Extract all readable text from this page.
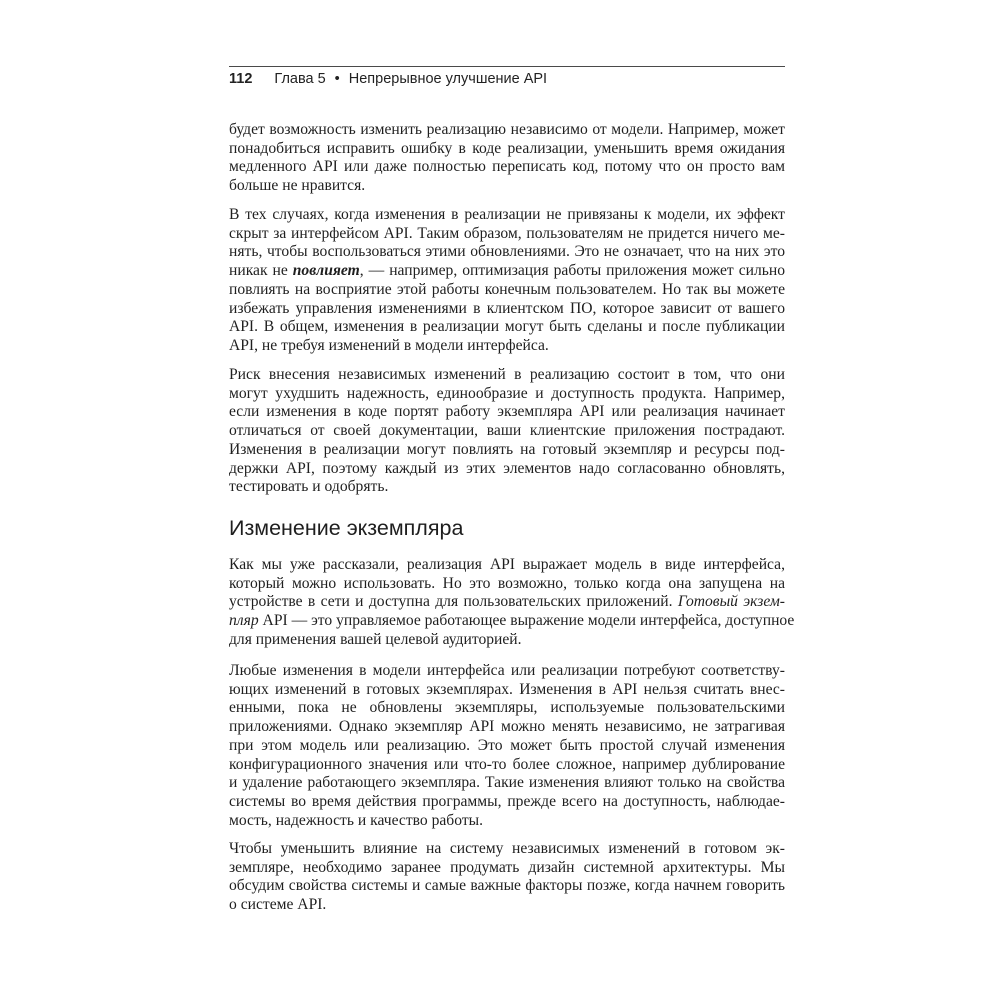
112 Глава 5 • Непрерывное улучшение API

будет возможность изменить реализацию независимо от модели. Например, может
понадобиться исправить ошибку в коде реализации, уменьшить время ожидания
медленного API или даже полностью переписать код, потому что он просто вам
больше не нравится.

В тех случаях, когда изменения в реализации не привязаны к модели, их эффект
скрыт за интерфейсом API. Таким образом, пользователям не придется ничего ме-
нять, чтобы воспользоваться этими обновлениями. Это не означает, что на них это
никак не повлияет, — например, оптимизация работы приложения может сильно
повлиять на восприятие этой работы конечным пользователем. Но так вы можете
избежать управления изменениями в клиентском ПО, которое зависит от вашего
API. В общем, изменения в реализации могут быть сделаны и после публикации
API, не требуя изменений в модели интерфейса.

Риск внесения независимых изменений в реализацию состоит в том, что они
могут ухудшить надежность, единообразие и доступность продукта. Например,
если изменения в коде портят работу экземпляра API или реализация начинает
отличаться от своей документации, ваши клиентские приложения пострадают.
Изменения в реализации могут повлиять на готовый экземпляр и ресурсы под-
держки API, поэтому каждый из этих элементов надо согласованно обновлять,
тестировать и одобрять.

Изменение экземпляра

Как мы уже рассказали, реализация API выражает модель в виде интерфейса,
который можно использовать. Но это возможно, только когда она запущена на
устройстве в сети и доступна для пользовательских приложений. Готовый экзем-
пляр API — это управляемое работающее выражение модели интерфейса, доступное
для применения вашей целевой аудиторией.

Любые изменения в модели интерфейса или реализации потребуют соответству-
ющих изменений в готовых экземплярах. Изменения в API нельзя считать внес-
енными, пока не обновлены экземпляры, используемые пользовательскими
приложениями. Однако экземпляр API можно менять независимо, не затрагивая
при этом модель или реализацию. Это может быть простой случай изменения
конфигурационного значения или что-то более сложное, например дублирование
и удаление работающего экземпляра. Такие изменения влияют только на свойства
системы во время действия программы, прежде всего на доступность, наблюдае-
мость, надежность и качество работы.

Чтобы уменьшить влияние на систему независимых изменений в готовом эк-
земпляре, необходимо заранее продумать дизайн системной архитектуры. Мы
обсудим свойства системы и самые важные факторы позже, когда начнем говорить
о системе API.
